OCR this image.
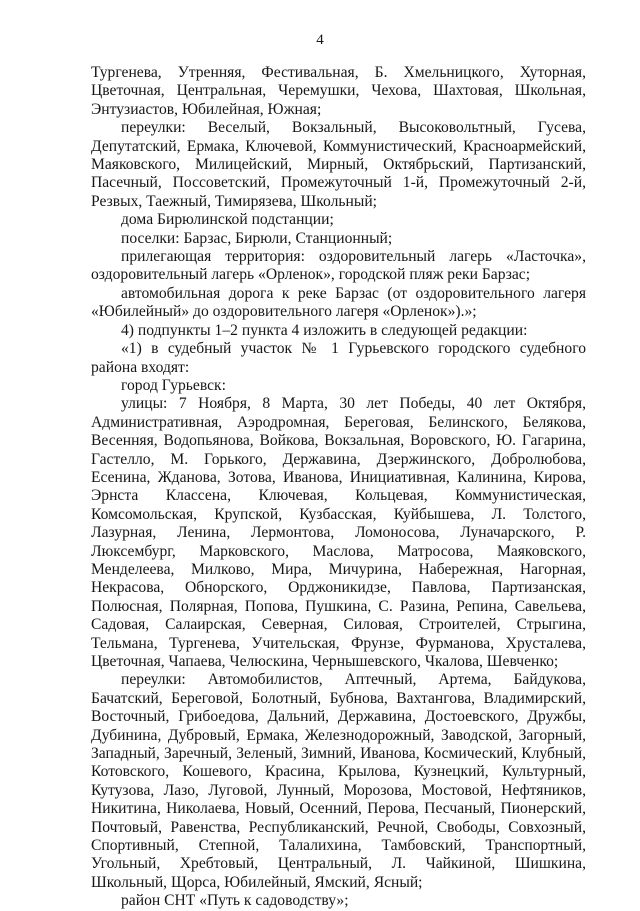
4

Тургенева, Утренняя, Фестивальная, Б. Хмельницкого, Хуторная, Цветочная, Центральная, Черемушки, Чехова, Шахтовая, Школьная, Энтузиастов, Юбилейная, Южная;

переулки: Веселый, Вокзальный, Высоковольтный, Гусева, Депутатский, Ермака, Ключевой, Коммунистический, Красноармейский, Маяковского, Милицейский, Мирный, Октябрьский, Партизанский, Пасечный, Поссоветский, Промежуточный 1-й, Промежуточный 2-й, Резвых, Таежный, Тимирязева, Школьный;

дома Бирюлинской подстанции;

поселки: Барзас, Бирюли, Станционный;

прилегающая территория: оздоровительный лагерь «Ласточка», оздоровительный лагерь «Орленок», городской пляж реки Барзас;

автомобильная дорога к реке Барзас (от оздоровительного лагеря «Юбилейный» до оздоровительного лагеря «Орленок»).»;

4) подпункты 1–2 пункта 4 изложить в следующей редакции:

«1) в судебный участок № 1 Гурьевского городского судебного района входят:

город Гурьевск:

улицы: 7 Ноября, 8 Марта, 30 лет Победы, 40 лет Октября, Административная, Аэродромная, Береговая, Белинского, Белякова, Весенняя, Водопьянова, Войкова, Вокзальная, Воровского, Ю. Гагарина, Гастелло, М. Горького, Державина, Дзержинского, Добролюбова, Есенина, Жданова, Зотова, Иванова, Инициативная, Калинина, Кирова, Эрнста Классена, Ключевая, Кольцевая, Коммунистическая, Комсомольская, Крупской, Кузбасская, Куйбышева, Л. Толстого, Лазурная, Ленина, Лермонтова, Ломоносова, Луначарского, Р. Люксембург, Марковского, Маслова, Матросова, Маяковского, Менделеева, Милково, Мира, Мичурина, Набережная, Нагорная, Некрасова, Обнорского, Орджоникидзе, Павлова, Партизанская, Полюсная, Полярная, Попова, Пушкина, С. Разина, Репина, Савельева, Садовая, Салаирская, Северная, Силовая, Строителей, Стрыгина, Тельмана, Тургенева, Учительская, Фрунзе, Фурманова, Хрусталева, Цветочная, Чапаева, Челюскина, Чернышевского, Чкалова, Шевченко;

переулки: Автомобилистов, Аптечный, Артема, Байдукова, Бачатский, Береговой, Болотный, Бубнова, Вахтангова, Владимирский, Восточный, Грибоедова, Дальний, Державина, Достоевского, Дружбы, Дубинина, Дубровый, Ермака, Железнодорожный, Заводской, Загорный, Западный, Заречный, Зеленый, Зимний, Иванова, Космический, Клубный, Котовского, Кошевого, Красина, Крылова, Кузнецкий, Культурный, Кутузова, Лазо, Луговой, Лунный, Морозова, Мостовой, Нефтяников, Никитина, Николаева, Новый, Осенний, Перова, Песчаный, Пионерский, Почтовый, Равенства, Республиканский, Речной, Свободы, Совхозный, Спортивный, Степной, Талалихина, Тамбовский, Транспортный, Угольный, Хребтовый, Центральный, Л. Чайкиной, Шишкина, Школьный, Щорса, Юбилейный, Ямский, Ясный;

район СНТ «Путь к садоводству»;
